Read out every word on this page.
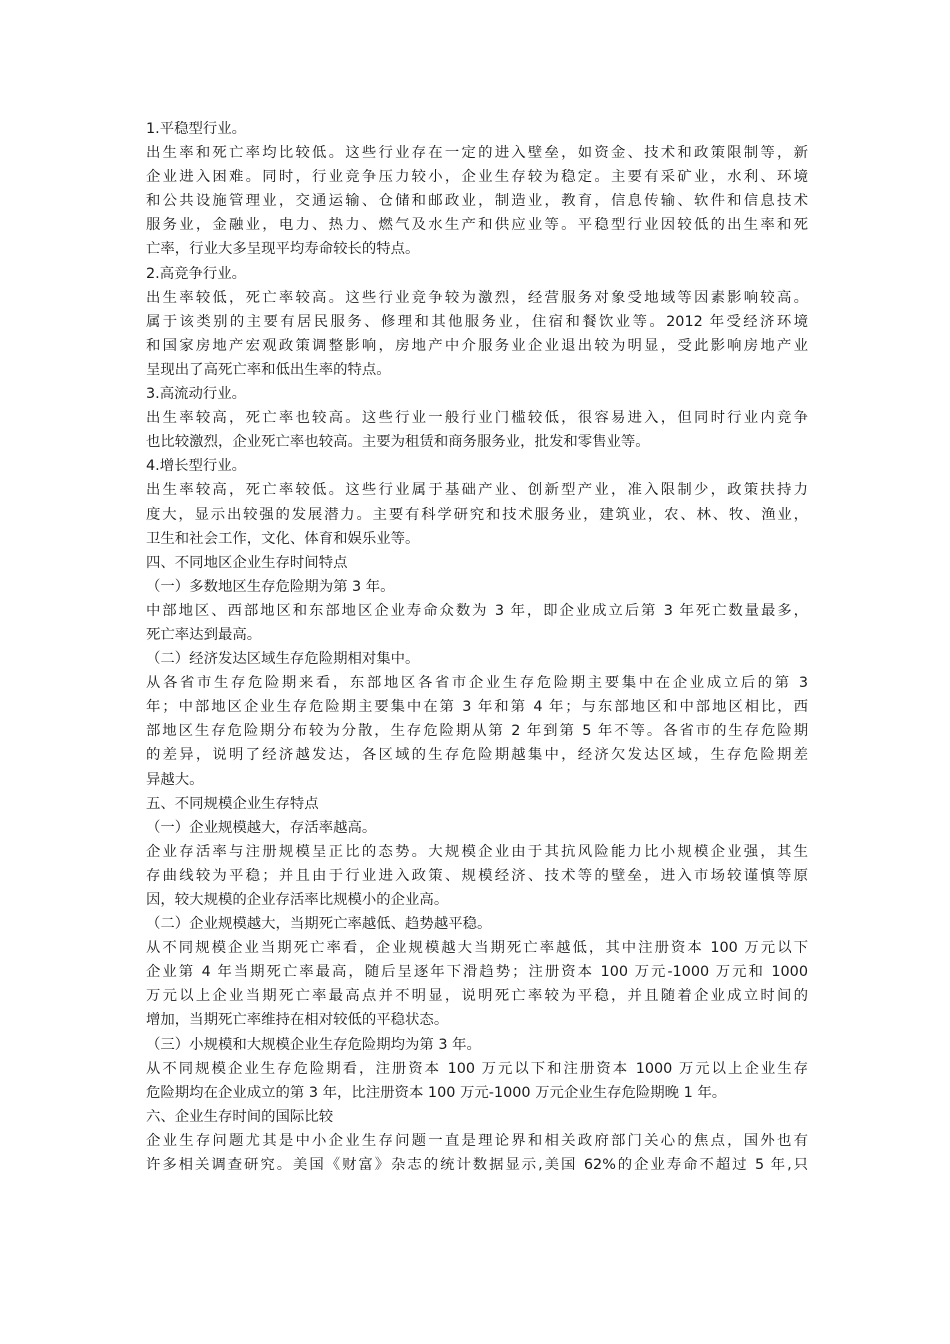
1.平稳型行业。
出生率和死亡率均比较低。这些行业存在一定的进入壁垒，如资金、技术和政策限制等，新
企业进入困难。同时，行业竞争压力较小，企业生存较为稳定。主要有采矿业，水利、环境
和公共设施管理业，交通运输、仓储和邮政业，制造业，教育，信息传输、软件和信息技术
服务业，金融业，电力、热力、燃气及水生产和供应业等。平稳型行业因较低的出生率和死
亡率，行业大多呈现平均寿命较长的特点。
2.高竞争行业。
出生率较低，死亡率较高。这些行业竞争较为激烈，经营服务对象受地域等因素影响较高。
属于该类别的主要有居民服务、修理和其他服务业，住宿和餐饮业等。2012 年受经济环境
和国家房地产宏观政策调整影响，房地产中介服务业企业退出较为明显，受此影响房地产业
呈现出了高死亡率和低出生率的特点。
3.高流动行业。
出生率较高，死亡率也较高。这些行业一般行业门槛较低，很容易进入，但同时行业内竞争
也比较激烈，企业死亡率也较高。主要为租赁和商务服务业，批发和零售业等。
4.增长型行业。
出生率较高，死亡率较低。这些行业属于基础产业、创新型产业，准入限制少，政策扶持力
度大，显示出较强的发展潜力。主要有科学研究和技术服务业，建筑业，农、林、牧、渔业，
卫生和社会工作，文化、体育和娱乐业等。
四、不同地区企业生存时间特点
（一）多数地区生存危险期为第 3 年。
中部地区、西部地区和东部地区企业寿命众数为 3 年，即企业成立后第 3 年死亡数量最多，
死亡率达到最高。
（二）经济发达区域生存危险期相对集中。
从各省市生存危险期来看，东部地区各省市企业生存危险期主要集中在企业成立后的第 3
年；中部地区企业生存危险期主要集中在第 3 年和第 4 年；与东部地区和中部地区相比，西
部地区生存危险期分布较为分散，生存危险期从第 2 年到第 5 年不等。各省市的生存危险期
的差异，说明了经济越发达，各区域的生存危险期越集中，经济欠发达区域，生存危险期差
异越大。
五、不同规模企业生存特点
（一）企业规模越大，存活率越高。
企业存活率与注册规模呈正比的态势。大规模企业由于其抗风险能力比小规模企业强，其生
存曲线较为平稳；并且由于行业进入政策、规模经济、技术等的壁垒，进入市场较谨慎等原
因，较大规模的企业存活率比规模小的企业高。
（二）企业规模越大，当期死亡率越低、趋势越平稳。
从不同规模企业当期死亡率看，企业规模越大当期死亡率越低，其中注册资本 100 万元以下
企业第 4 年当期死亡率最高，随后呈逐年下滑趋势；注册资本 100 万元-1000 万元和 1000
万元以上企业当期死亡率最高点并不明显，说明死亡率较为平稳，并且随着企业成立时间的
增加，当期死亡率维持在相对较低的平稳状态。
（三）小规模和大规模企业生存危险期均为第 3 年。
从不同规模企业生存危险期看，注册资本 100 万元以下和注册资本 1000 万元以上企业生存
危险期均在企业成立的第 3 年，比注册资本 100 万元-1000 万元企业生存危险期晚 1 年。
六、企业生存时间的国际比较
企业生存问题尤其是中小企业生存问题一直是理论界和相关政府部门关心的焦点，国外也有
许多相关调查研究。美国《财富》杂志的统计数据显示,美国 62%的企业寿命不超过 5 年,只
